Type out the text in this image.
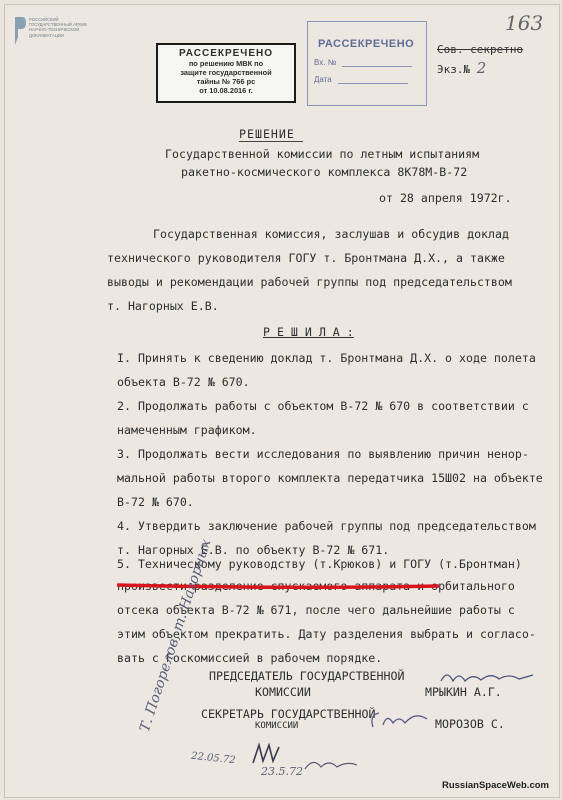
РОССИЙСКИЙ ГОСУДАРСТВЕННЫЙ АРХИВ НАУЧНО-ТЕХНИЧЕСКОЙ ДОКУМЕНТАЦИИ
163
РАССЕКРЕЧЕНО
по решению МВК по
защите государственной
тайны № 766 рс
от 10.08.2016 г.
РАССЕКРЕЧЕНО
Вх. №
Дата
Сов. секретно
Экз.№ 2
РЕШЕНИЕ
Государственной комиссии по летным испытаниям
ракетно-космического комплекса 8К78М-В-72
от 28 апреля 1972г.
Государственная комиссия, заслушав и обсудив доклад
технического руководителя ГОГУ т. Бронтмана Д.Х., а также
выводы и рекомендации рабочей группы под председательством
т. Нагорных Е.В.
Р Е Ш И Л А :
I. Принять к сведению доклад т. Бронтмана Д.Х. о ходе полета
объекта В-72 № 670.
2. Продолжать работы с объектом В-72 № 670 в соответствии с
намеченным графиком.
3. Продолжать вести исследования по выявлению причин ненор-
мальной работы второго комплекта передатчика 15Ш02 на объекте
В-72 № 670.
4. Утвердить заключение рабочей группы под председательством
т. Нагорных Е.В. по объекту В-72 № 671.
5. Техническому руководству (т.Крюков) и ГОГУ (т.Бронтман)
произвести разделение спускаемого аппарата и орбитального
отсека объекта В-72 № 671, после чего дальнейшие работы с
этим объектом прекратить. Дату разделения выбрать и согласо-
вать с Госкомиссией в рабочем порядке.
ПРЕДСЕДАТЕЛЬ ГОСУДАРСТВЕННОЙ
КОМИССИИ	МРЫКИН А.Г.
СЕКРЕТАРЬ ГОСУДАРСТВЕННОЙ
КОМИССИИ	МОРОЗОВ С.
Т. Погорелов, т. Нагорных
22.05.72
23.5.72
RussianSpaceWeb.com
